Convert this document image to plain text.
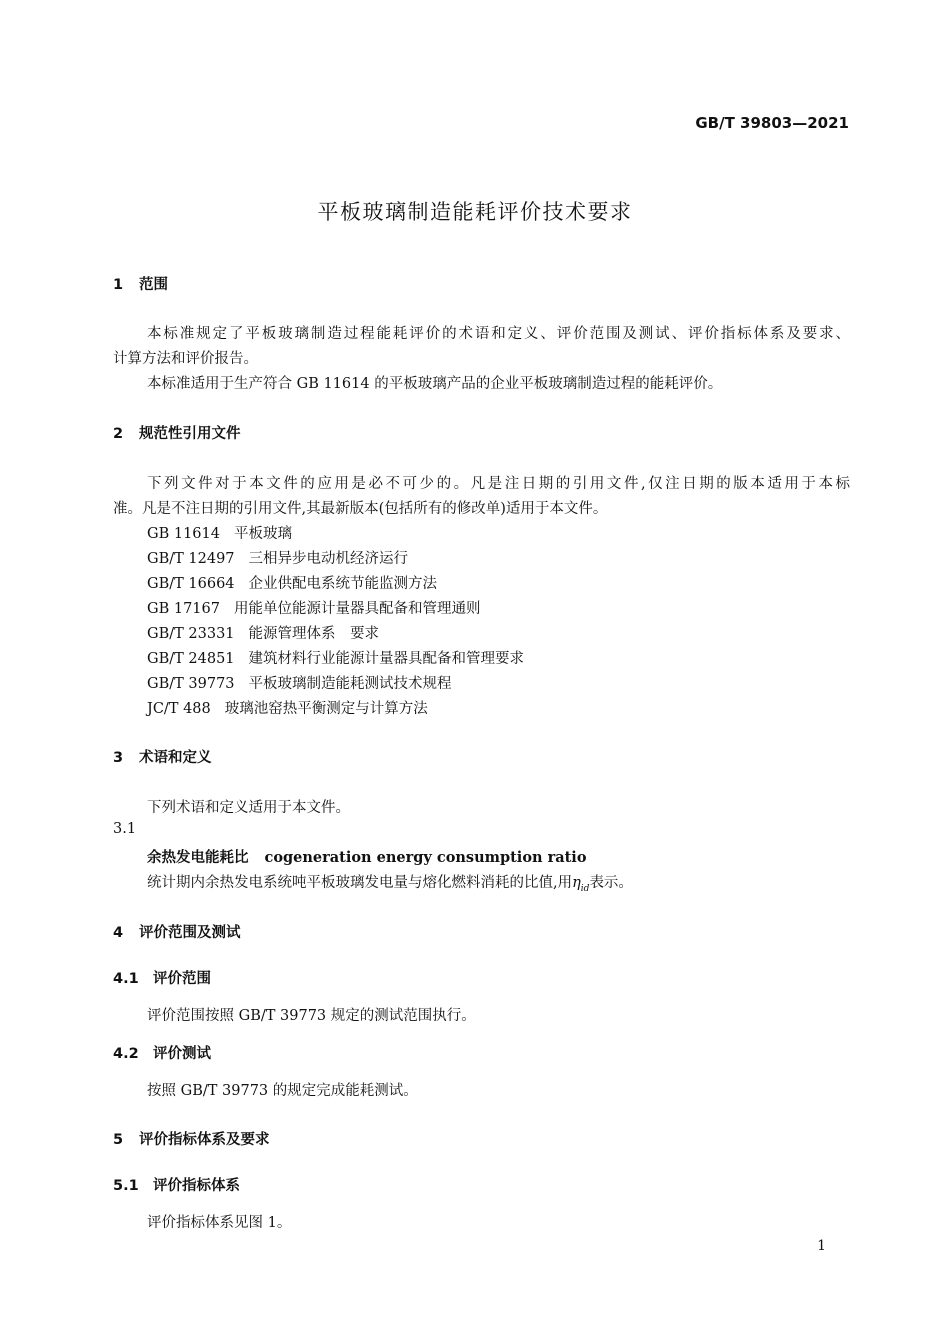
GB/T 39803—2021
平板玻璃制造能耗评价技术要求
1 范围
本标准规定了平板玻璃制造过程能耗评价的术语和定义、评价范围及测试、评价指标体系及要求、
计算方法和评价报告。
本标准适用于生产符合 GB 11614 的平板玻璃产品的企业平板玻璃制造过程的能耗评价。
2 规范性引用文件
下列文件对于本文件的应用是必不可少的。凡是注日期的引用文件,仅注日期的版本适用于本标
准。凡是不注日期的引用文件,其最新版本(包括所有的修改单)适用于本文件。
GB 11614 平板玻璃
GB/T 12497 三相异步电动机经济运行
GB/T 16664 企业供配电系统节能监测方法
GB 17167 用能单位能源计量器具配备和管理通则
GB/T 23331 能源管理体系　要求
GB/T 24851 建筑材料行业能源计量器具配备和管理要求
GB/T 39773 平板玻璃制造能耗测试技术规程
JC/T 488 玻璃池窑热平衡测定与计算方法
3 术语和定义
下列术语和定义适用于本文件。
3.1
余热发电能耗比 cogeneration energy consumption ratio
统计期内余热发电系统吨平板玻璃发电量与熔化燃料消耗的比值,用$\eta_{id}$表示。
4 评价范围及测试
4.1 评价范围
评价范围按照 GB/T 39773 规定的测试范围执行。
4.2 评价测试
按照 GB/T 39773 的规定完成能耗测试。
5 评价指标体系及要求
5.1 评价指标体系
评价指标体系见图 1。
1
